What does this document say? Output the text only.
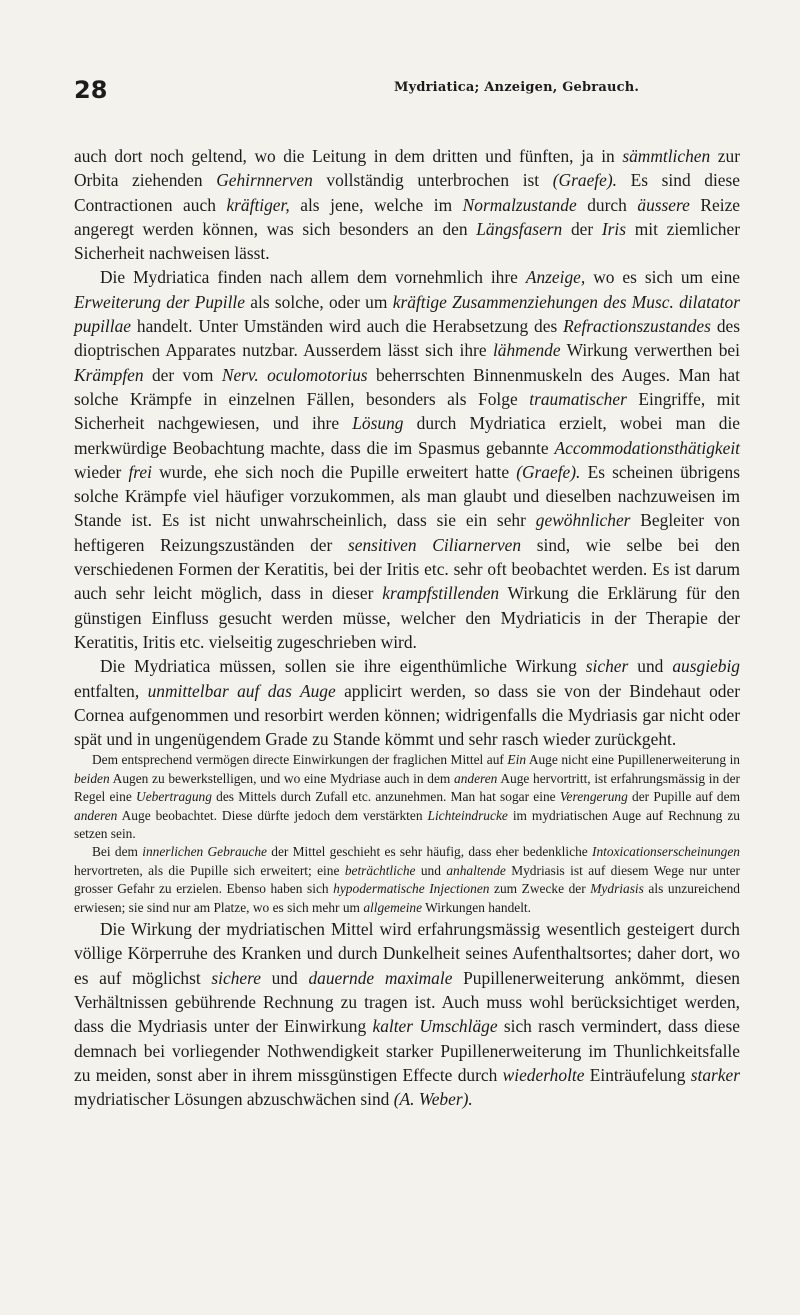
28	Mydriatica; Anzeigen, Gebrauch.

auch dort noch geltend, wo die Leitung in dem dritten und fünften, ja in sämmtlichen zur Orbita ziehenden Gehirnnerven vollständig unterbrochen ist (Graefe). Es sind diese Contractionen auch kräftiger, als jene, welche im Normalzustande durch äussere Reize angeregt werden können, was sich besonders an den Längsfasern der Iris mit ziemlicher Sicherheit nachweisen lässt.

Die Mydriatica finden nach allem dem vornehmlich ihre Anzeige, wo es sich um eine Erweiterung der Pupille als solche, oder um kräftige Zusammenziehungen des Musc. dilatator pupillae handelt. Unter Umständen wird auch die Herabsetzung des Refractionszustandes des dioptrischen Apparates nutzbar. Ausserdem lässt sich ihre lähmende Wirkung verwerthen bei Krämpfen der vom Nerv. oculomotorius beherrschten Binnenmuskeln des Auges. Man hat solche Krämpfe in einzelnen Fällen, besonders als Folge traumatischer Eingriffe, mit Sicherheit nachgewiesen, und ihre Lösung durch Mydriatica erzielt, wobei man die merkwürdige Beobachtung machte, dass die im Spasmus gebannte Accommodationsthätigkeit wieder frei wurde, ehe sich noch die Pupille erweitert hatte (Graefe). Es scheinen übrigens solche Krämpfe viel häufiger vorzukommen, als man glaubt und dieselben nachzuweisen im Stande ist. Es ist nicht unwahrscheinlich, dass sie ein sehr gewöhnlicher Begleiter von heftigeren Reizungszuständen der sensitiven Ciliarnerven sind, wie selbe bei den verschiedenen Formen der Keratitis, bei der Iritis etc. sehr oft beobachtet werden. Es ist darum auch sehr leicht möglich, dass in dieser krampfstillenden Wirkung die Erklärung für den günstigen Einfluss gesucht werden müsse, welcher den Mydriaticis in der Therapie der Keratitis, Iritis etc. vielseitig zugeschrieben wird.

Die Mydriatica müssen, sollen sie ihre eigenthümliche Wirkung sicher und ausgiebig entfalten, unmittelbar auf das Auge applicirt werden, so dass sie von der Bindehaut oder Cornea aufgenommen und resorbirt werden können; widrigenfalls die Mydriasis gar nicht oder spät und in ungenügendem Grade zu Stande kömmt und sehr rasch wieder zurückgeht.

Dem entsprechend vermögen directe Einwirkungen der fraglichen Mittel auf Ein Auge nicht eine Pupillenerweiterung in beiden Augen zu bewerkstelligen, und wo eine Mydriase auch in dem anderen Auge hervortritt, ist erfahrungsmässig in der Regel eine Uebertragung des Mittels durch Zufall etc. anzunehmen. Man hat sogar eine Verengerung der Pupille auf dem anderen Auge beobachtet. Diese dürfte jedoch dem verstärkten Lichteindrucke im mydriatischen Auge auf Rechnung zu setzen sein.

Bei dem innerlichen Gebrauche der Mittel geschieht es sehr häufig, dass eher bedenkliche Intoxicationserscheinungen hervortreten, als die Pupille sich erweitert; eine beträchtliche und anhaltende Mydriasis ist auf diesem Wege nur unter grosser Gefahr zu erzielen. Ebenso haben sich hypodermatische Injectionen zum Zwecke der Mydriasis als unzureichend erwiesen; sie sind nur am Platze, wo es sich mehr um allgemeine Wirkungen handelt.

Die Wirkung der mydriatischen Mittel wird erfahrungsmässig wesentlich gesteigert durch völlige Körperruhe des Kranken und durch Dunkelheit seines Aufenthaltsortes; daher dort, wo es auf möglichst sichere und dauernde maximale Pupillenerweiterung ankömmt, diesen Verhältnissen gebührende Rechnung zu tragen ist. Auch muss wohl berücksichtiget werden, dass die Mydriasis unter der Einwirkung kalter Umschläge sich rasch vermindert, dass diese demnach bei vorliegender Nothwendigkeit starker Pupillenerweiterung im Thunlichkeitsfalle zu meiden, sonst aber in ihrem missgünstigen Effecte durch wiederholte Einträufelung starker mydriatischer Lösungen abzuschwächen sind (A. Weber).
